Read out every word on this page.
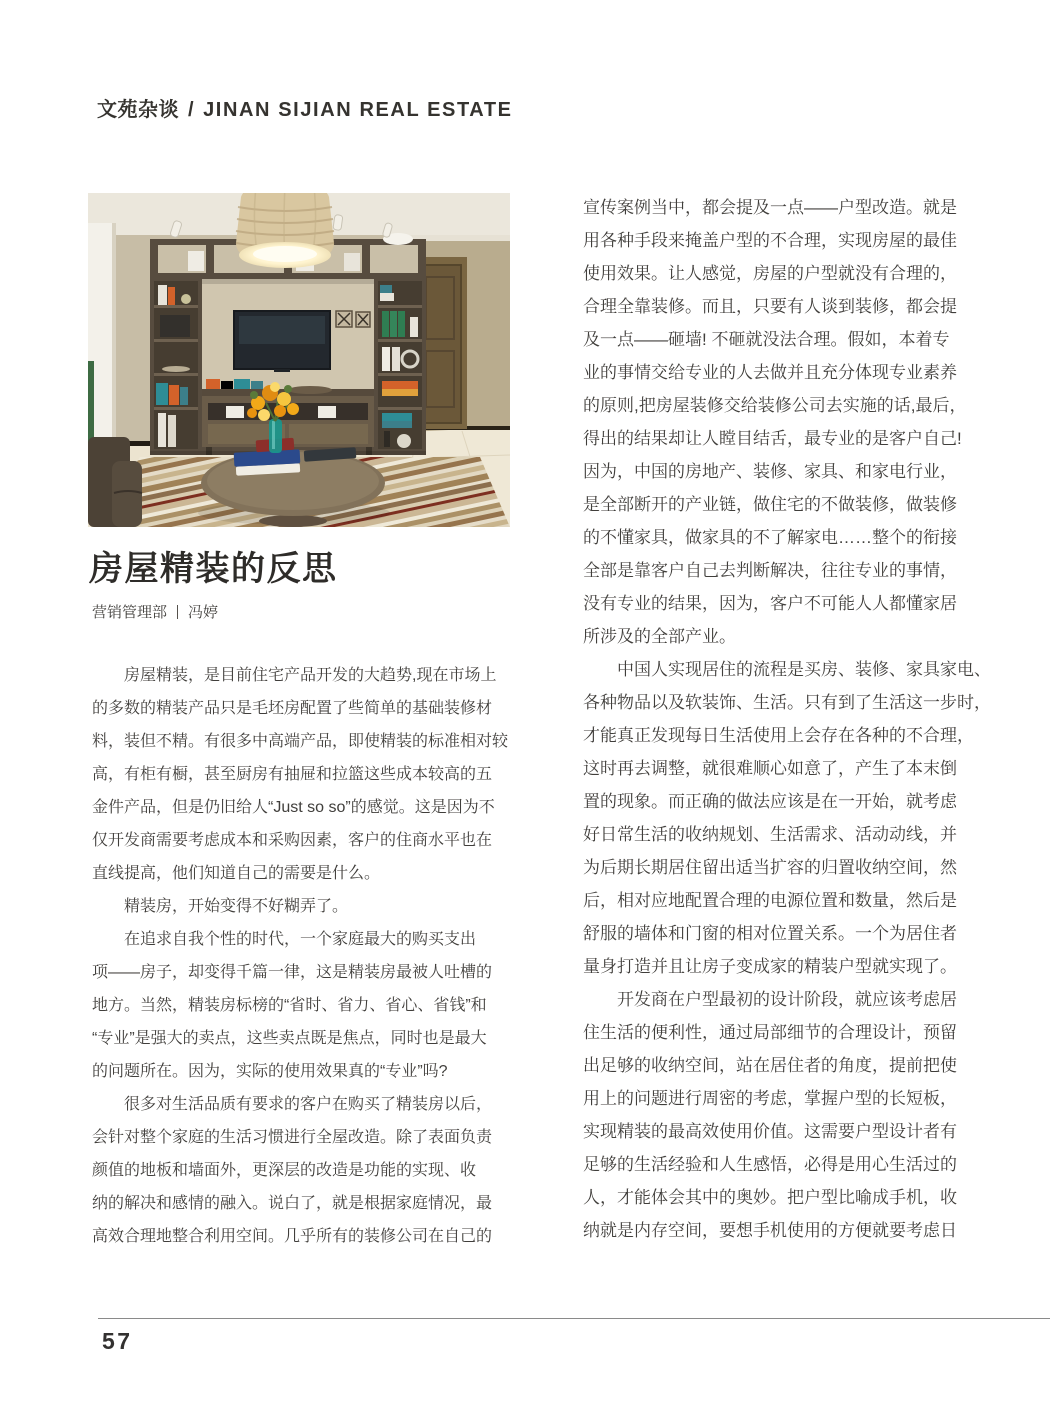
文苑杂谈 / JINAN SIJIAN REAL ESTATE
房屋精装的反思
营销管理部 冯婷
　　房屋精装，是目前住宅产品开发的大趋势,现在市场上
的多数的精装产品只是毛坯房配置了些简单的基础装修材
料，装但不精。有很多中高端产品，即使精装的标准相对较
高，有柜有橱，甚至厨房有抽屉和拉篮这些成本较高的五
金件产品，但是仍旧给人“Just so so”的感觉。这是因为不
仅开发商需要考虑成本和采购因素，客户的住商水平也在
直线提高，他们知道自己的需要是什么。
　　精装房，开始变得不好糊弄了。
　　在追求自我个性的时代，一个家庭最大的购买支出
项——房子，却变得千篇一律，这是精装房最被人吐槽的
地方。当然，精装房标榜的“省时、省力、省心、省钱”和
“专业”是强大的卖点，这些卖点既是焦点，同时也是最大
的问题所在。因为，实际的使用效果真的“专业”吗?
　　很多对生活品质有要求的客户在购买了精装房以后，
会针对整个家庭的生活习惯进行全屋改造。除了表面负责
颜值的地板和墙面外，更深层的改造是功能的实现、收
纳的解决和感情的融入。说白了，就是根据家庭情况，最
高效合理地整合利用空间。几乎所有的装修公司在自己的
宣传案例当中，都会提及一点——户型改造。就是
用各种手段来掩盖户型的不合理，实现房屋的最佳
使用效果。让人感觉，房屋的户型就没有合理的，
合理全靠装修。而且，只要有人谈到装修，都会提
及一点——砸墙! 不砸就没法合理。假如，本着专
业的事情交给专业的人去做并且充分体现专业素养
的原则,把房屋装修交给装修公司去实施的话,最后，
得出的结果却让人瞠目结舌，最专业的是客户自己!
因为，中国的房地产、装修、家具、和家电行业，
是全部断开的产业链，做住宅的不做装修，做装修
的不懂家具，做家具的不了解家电……整个的衔接
全部是靠客户自己去判断解决，往往专业的事情，
没有专业的结果，因为，客户不可能人人都懂家居
所涉及的全部产业。
　　中国人实现居住的流程是买房、装修、家具家电、
各种物品以及软装饰、生活。只有到了生活这一步时，
才能真正发现每日生活使用上会存在各种的不合理，
这时再去调整，就很难顺心如意了，产生了本末倒
置的现象。而正确的做法应该是在一开始，就考虑
好日常生活的收纳规划、生活需求、活动动线，并
为后期长期居住留出适当扩容的归置收纳空间，然
后，相对应地配置合理的电源位置和数量，然后是
舒服的墙体和门窗的相对位置关系。一个为居住者
量身打造并且让房子变成家的精装户型就实现了。
　　开发商在户型最初的设计阶段，就应该考虑居
住生活的便利性，通过局部细节的合理设计，预留
出足够的收纳空间，站在居住者的角度，提前把使
用上的问题进行周密的考虑，掌握户型的长短板，
实现精装的最高效使用价值。这需要户型设计者有
足够的生活经验和人生感悟，必得是用心生活过的
人，才能体会其中的奥妙。把户型比喻成手机，收
纳就是内存空间，要想手机使用的方便就要考虑日
57
